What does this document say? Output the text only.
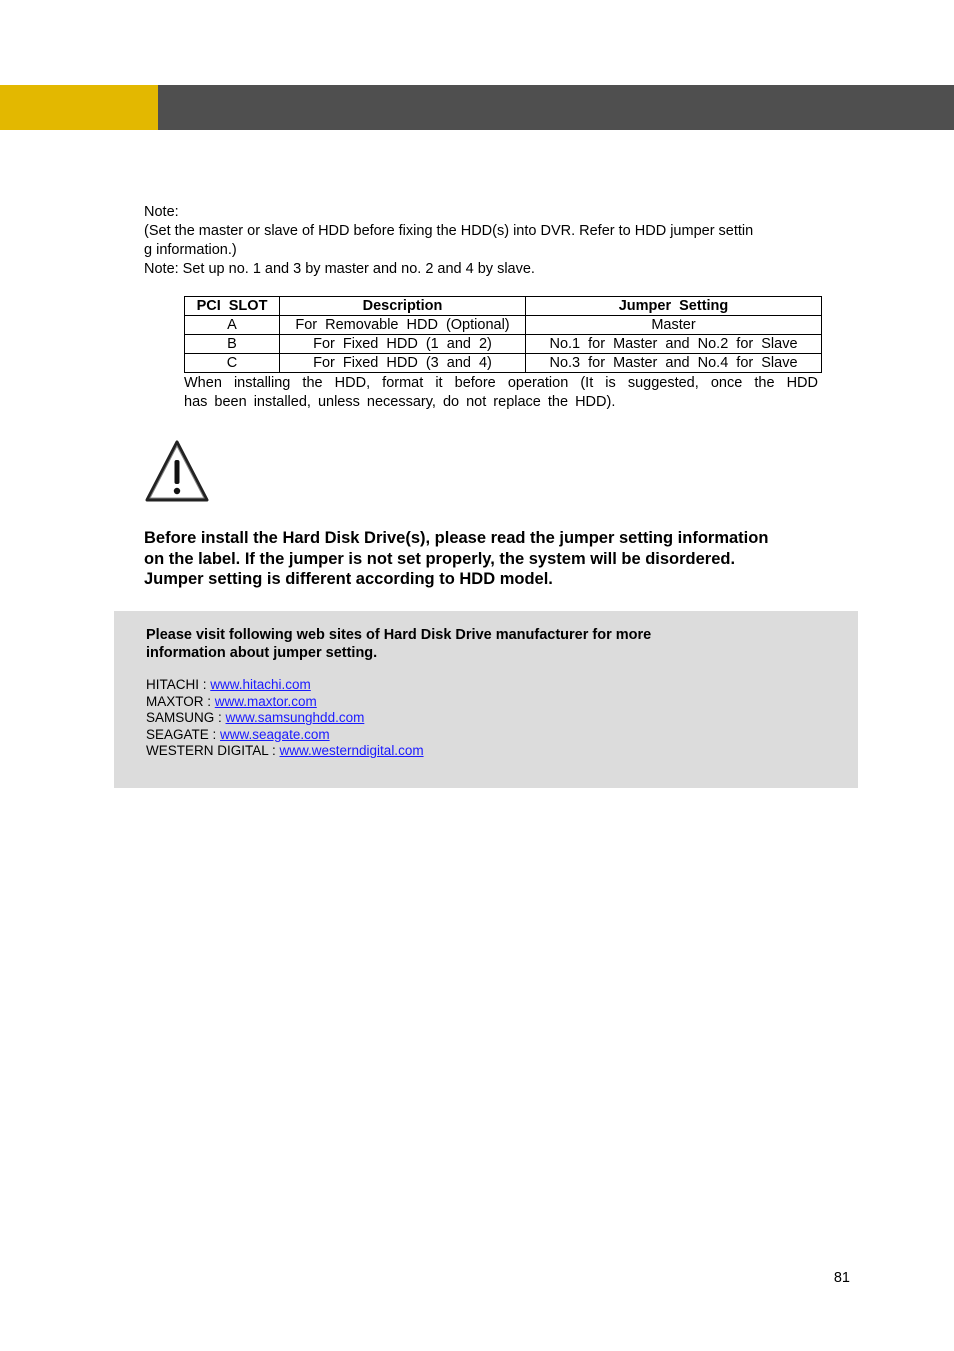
Note:
(Set the master or slave of HDD before fixing the HDD(s) into DVR. Refer to HDD jumper settin
g information.)
Note: Set up no. 1 and 3 by master and no. 2 and 4 by slave.
PCI SLOT	Description	Jumper Setting
A	For Removable HDD (Optional)	Master
B	For Fixed HDD (1 and 2)	No.1 for Master and No.2 for Slave
C	For Fixed HDD (3 and 4)	No.3 for Master and No.4 for Slave
When installing the HDD, format it before operation (It is suggested, once the HDD
has been installed, unless necessary, do not replace the HDD).
Before install the Hard Disk Drive(s), please read the jumper setting information
on the label. If the jumper is not set properly, the system will be disordered.
Jumper setting is different according to HDD model.
Please visit following web sites of Hard Disk Drive manufacturer for more
information about jumper setting.
HITACHI : www.hitachi.com
MAXTOR : www.maxtor.com
SAMSUNG : www.samsunghdd.com
SEAGATE : www.seagate.com
WESTERN DIGITAL : www.westerndigital.com
81
